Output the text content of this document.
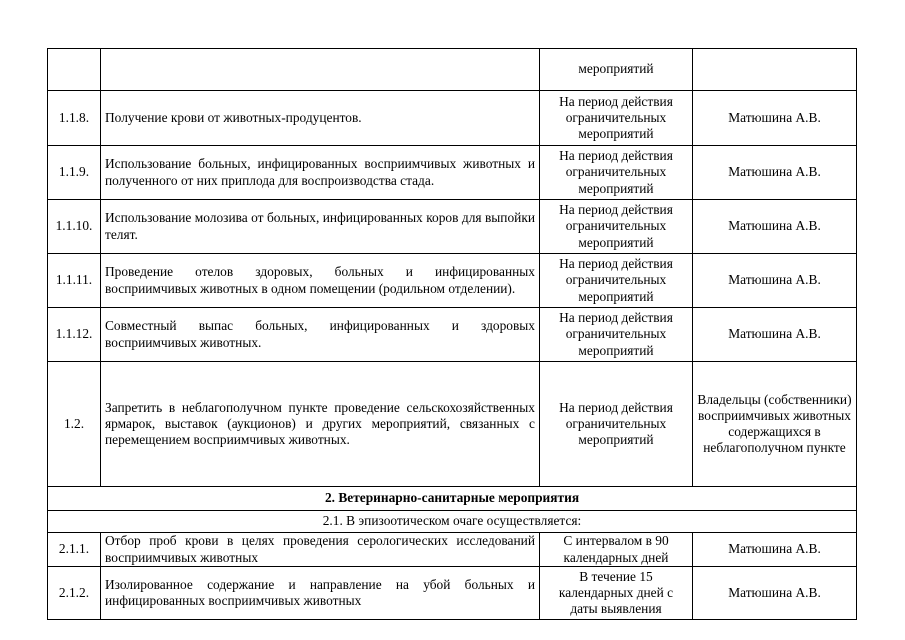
		мероприятий	
1.1.8.	Получение крови от животных-продуцентов.	На период действия ограничительных мероприятий	Матюшина А.В.
1.1.9.	Использование больных, инфицированных восприимчивых животных и полученного от них приплода для воспроизводства стада.	На период действия ограничительных мероприятий	Матюшина А.В.
1.1.10.	Использование молозива от больных, инфицированных коров для выпойки телят.	На период действия ограничительных мероприятий	Матюшина А.В.
1.1.11.	Проведение отелов здоровых, больных и инфицированных восприимчивых животных в одном помещении (родильном отделении).	На период действия ограничительных мероприятий	Матюшина А.В.
1.1.12.	Совместный выпас больных, инфицированных и здоровых восприимчивых животных.	На период действия ограничительных мероприятий	Матюшина А.В.
1.2.	Запретить в неблагополучном пункте проведение сельскохозяйственных ярмарок, выставок (аукционов) и других мероприятий, связанных с перемещением восприимчивых животных.	На период действия ограничительных мероприятий	Владельцы (собственники) восприимчивых животных содержащихся в неблагополучном пункте
2. Ветеринарно-санитарные мероприятия			
2.1. В эпизоотическом очаге осуществляется:			
2.1.1.	Отбор проб крови в целях проведения серологических исследований восприимчивых животных	С интервалом в 90 календарных дней	Матюшина А.В.
2.1.2.	Изолированное содержание и направление на убой больных и инфицированных восприимчивых животных	В течение 15 календарных дней с даты выявления	Матюшина А.В.
